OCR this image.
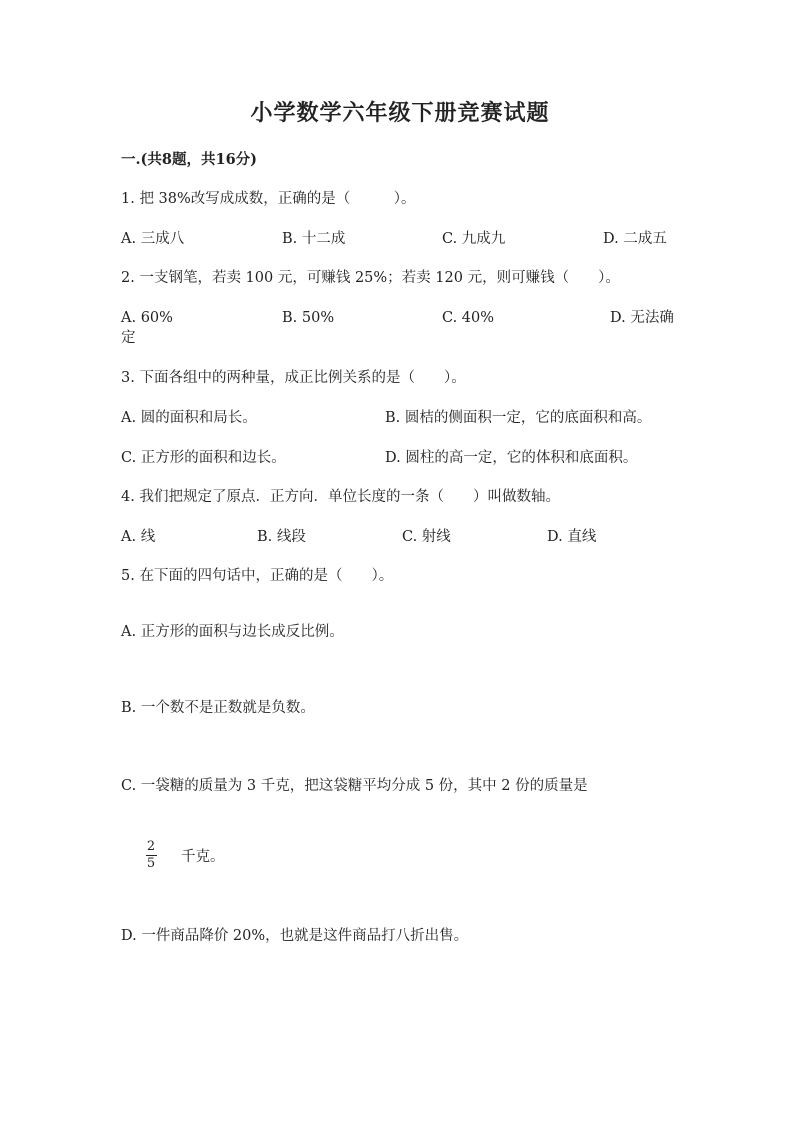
小学数学六年级下册竞赛试题
一.(共8题，共16分)
1. 把 38%改写成成数，正确的是（　　　）。
A. 三成八	B. 十二成	C. 九成九	D. 二成五
2. 一支钢笔，若卖 100 元，可赚钱 25%；若卖 120 元，则可赚钱（　　）。
A. 60%	B. 50%	C. 40%	D. 无法确
定
3. 下面各组中的两种量，成正比例关系的是（　　）。
A. 圆的面积和局长。	B. 圆桔的侧面积一定，它的底面积和高。
C. 正方形的面积和边长。	D. 圆柱的高一定，它的体积和底面积。
4. 我们把规定了原点．正方向．单位长度的一条（　　）叫做数轴。
A. 线	B. 线段	C. 射线	D. 直线
5. 在下面的四句话中，正确的是（　　）。
A. 正方形的面积与边长成反比例。
B. 一个数不是正数就是负数。
C. 一袋糖的质量为 3 千克，把这袋糖平均分成 5 份，其中 2 份的质量是
2
5 千克。
D. 一件商品降价 20%，也就是这件商品打八折出售。
